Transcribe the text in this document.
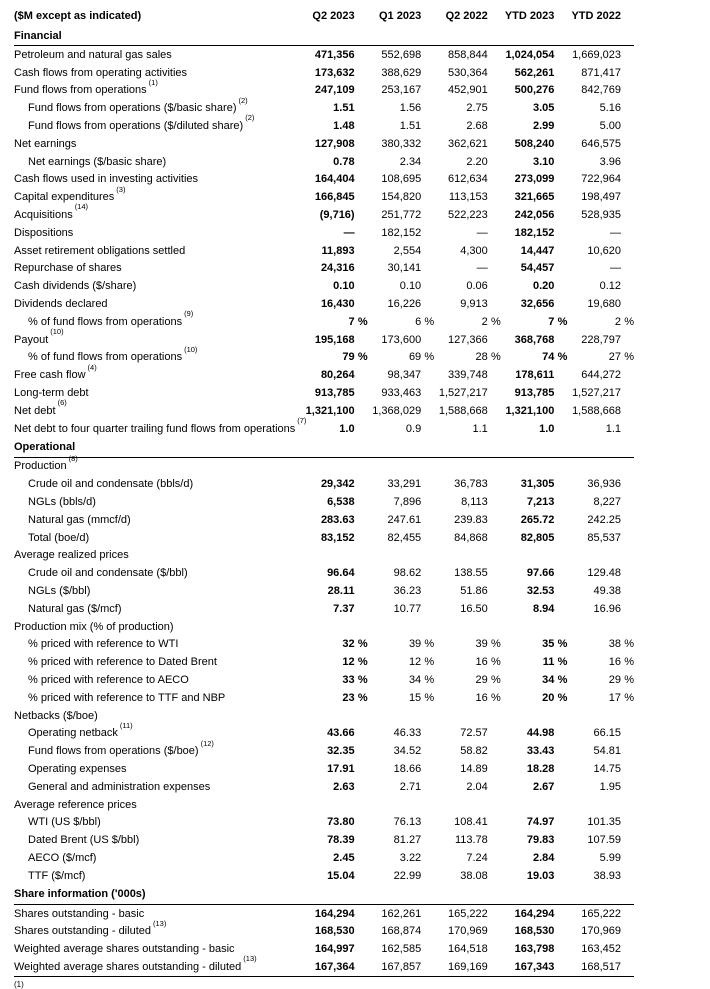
($M except as indicated)	Q2 2023	Q1 2023	Q2 2022	YTD 2023	YTD 2022
Financial					
Petroleum and natural gas sales	471,356	552,698	858,844	1,024,054	1,669,023
Cash flows from operating activities	173,632	388,629	530,364	562,261	871,417
Fund flows from operations$^{(1)}$	247,109	253,167	452,901	500,276	842,769
Fund flows from operations ($/basic share)$^{(2)}$	1.51	1.56	2.75	3.05	5.16
Fund flows from operations ($/diluted share)$^{(2)}$	1.48	1.51	2.68	2.99	5.00
Net earnings	127,908	380,332	362,621	508,240	646,575
Net earnings ($/basic share)	0.78	2.34	2.20	3.10	3.96
Cash flows used in investing activities	164,404	108,695	612,634	273,099	722,964
Capital expenditures$^{(3)}$	166,845	154,820	113,153	321,665	198,497
Acquisitions$^{(14)}$	(9,716)	251,772	522,223	242,056	528,935
Dispositions	—	182,152	—	182,152	—
Asset retirement obligations settled	11,893	2,554	4,300	14,447	10,620
Repurchase of shares	24,316	30,141	—	54,457	—
Cash dividends ($/share)	0.10	0.10	0.06	0.20	0.12
Dividends declared	16,430	16,226	9,913	32,656	19,680
% of fund flows from operations$^{(9)}$	7 %	6 %	2 %	7 %	2 %
Payout$^{(10)}$	195,168	173,600	127,366	368,768	228,797
% of fund flows from operations$^{(10)}$	79 %	69 %	28 %	74 %	27 %
Free cash flow$^{(4)}$	80,264	98,347	339,748	178,611	644,272
Long-term debt	913,785	933,463	1,527,217	913,785	1,527,217
Net debt$^{(6)}$	1,321,100	1,368,029	1,588,668	1,321,100	1,588,668
Net debt to four quarter trailing fund flows from operations$^{(7)}$	1.0	0.9	1.1	1.0	1.1
Operational					
Production$^{(8)}$					
Crude oil and condensate (bbls/d)	29,342	33,291	36,783	31,305	36,936
NGLs (bbls/d)	6,538	7,896	8,113	7,213	8,227
Natural gas (mmcf/d)	283.63	247.61	239.83	265.72	242.25
Total (boe/d)	83,152	82,455	84,868	82,805	85,537
Average realized prices					
Crude oil and condensate ($/bbl)	96.64	98.62	138.55	97.66	129.48
NGLs ($/bbl)	28.11	36.23	51.86	32.53	49.38
Natural gas ($/mcf)	7.37	10.77	16.50	8.94	16.96
Production mix (% of production)					
% priced with reference to WTI	32 %	39 %	39 %	35 %	38 %
% priced with reference to Dated Brent	12 %	12 %	16 %	11 %	16 %
% priced with reference to AECO	33 %	34 %	29 %	34 %	29 %
% priced with reference to TTF and NBP	23 %	15 %	16 %	20 %	17 %
Netbacks ($/boe)					
Operating netback$^{(11)}$	43.66	46.33	72.57	44.98	66.15
Fund flows from operations ($/boe)$^{(12)}$	32.35	34.52	58.82	33.43	54.81
Operating expenses	17.91	18.66	14.89	18.28	14.75
General and administration expenses	2.63	2.71	2.04	2.67	1.95
Average reference prices					
WTI (US $/bbl)	73.80	76.13	108.41	74.97	101.35
Dated Brent (US $/bbl)	78.39	81.27	113.78	79.83	107.59
AECO ($/mcf)	2.45	3.22	7.24	2.84	5.99
TTF ($/mcf)	15.04	22.99	38.08	19.03	38.93
Share information ('000s)					
Shares outstanding - basic	164,294	162,261	165,222	164,294	165,222
Shares outstanding - diluted$^{(13)}$	168,530	168,874	170,969	168,530	170,969
Weighted average shares outstanding - basic	164,997	162,585	164,518	163,798	163,452
Weighted average shares outstanding - diluted$^{(13)}$	167,364	167,857	169,169	167,343	168,517

(1)
